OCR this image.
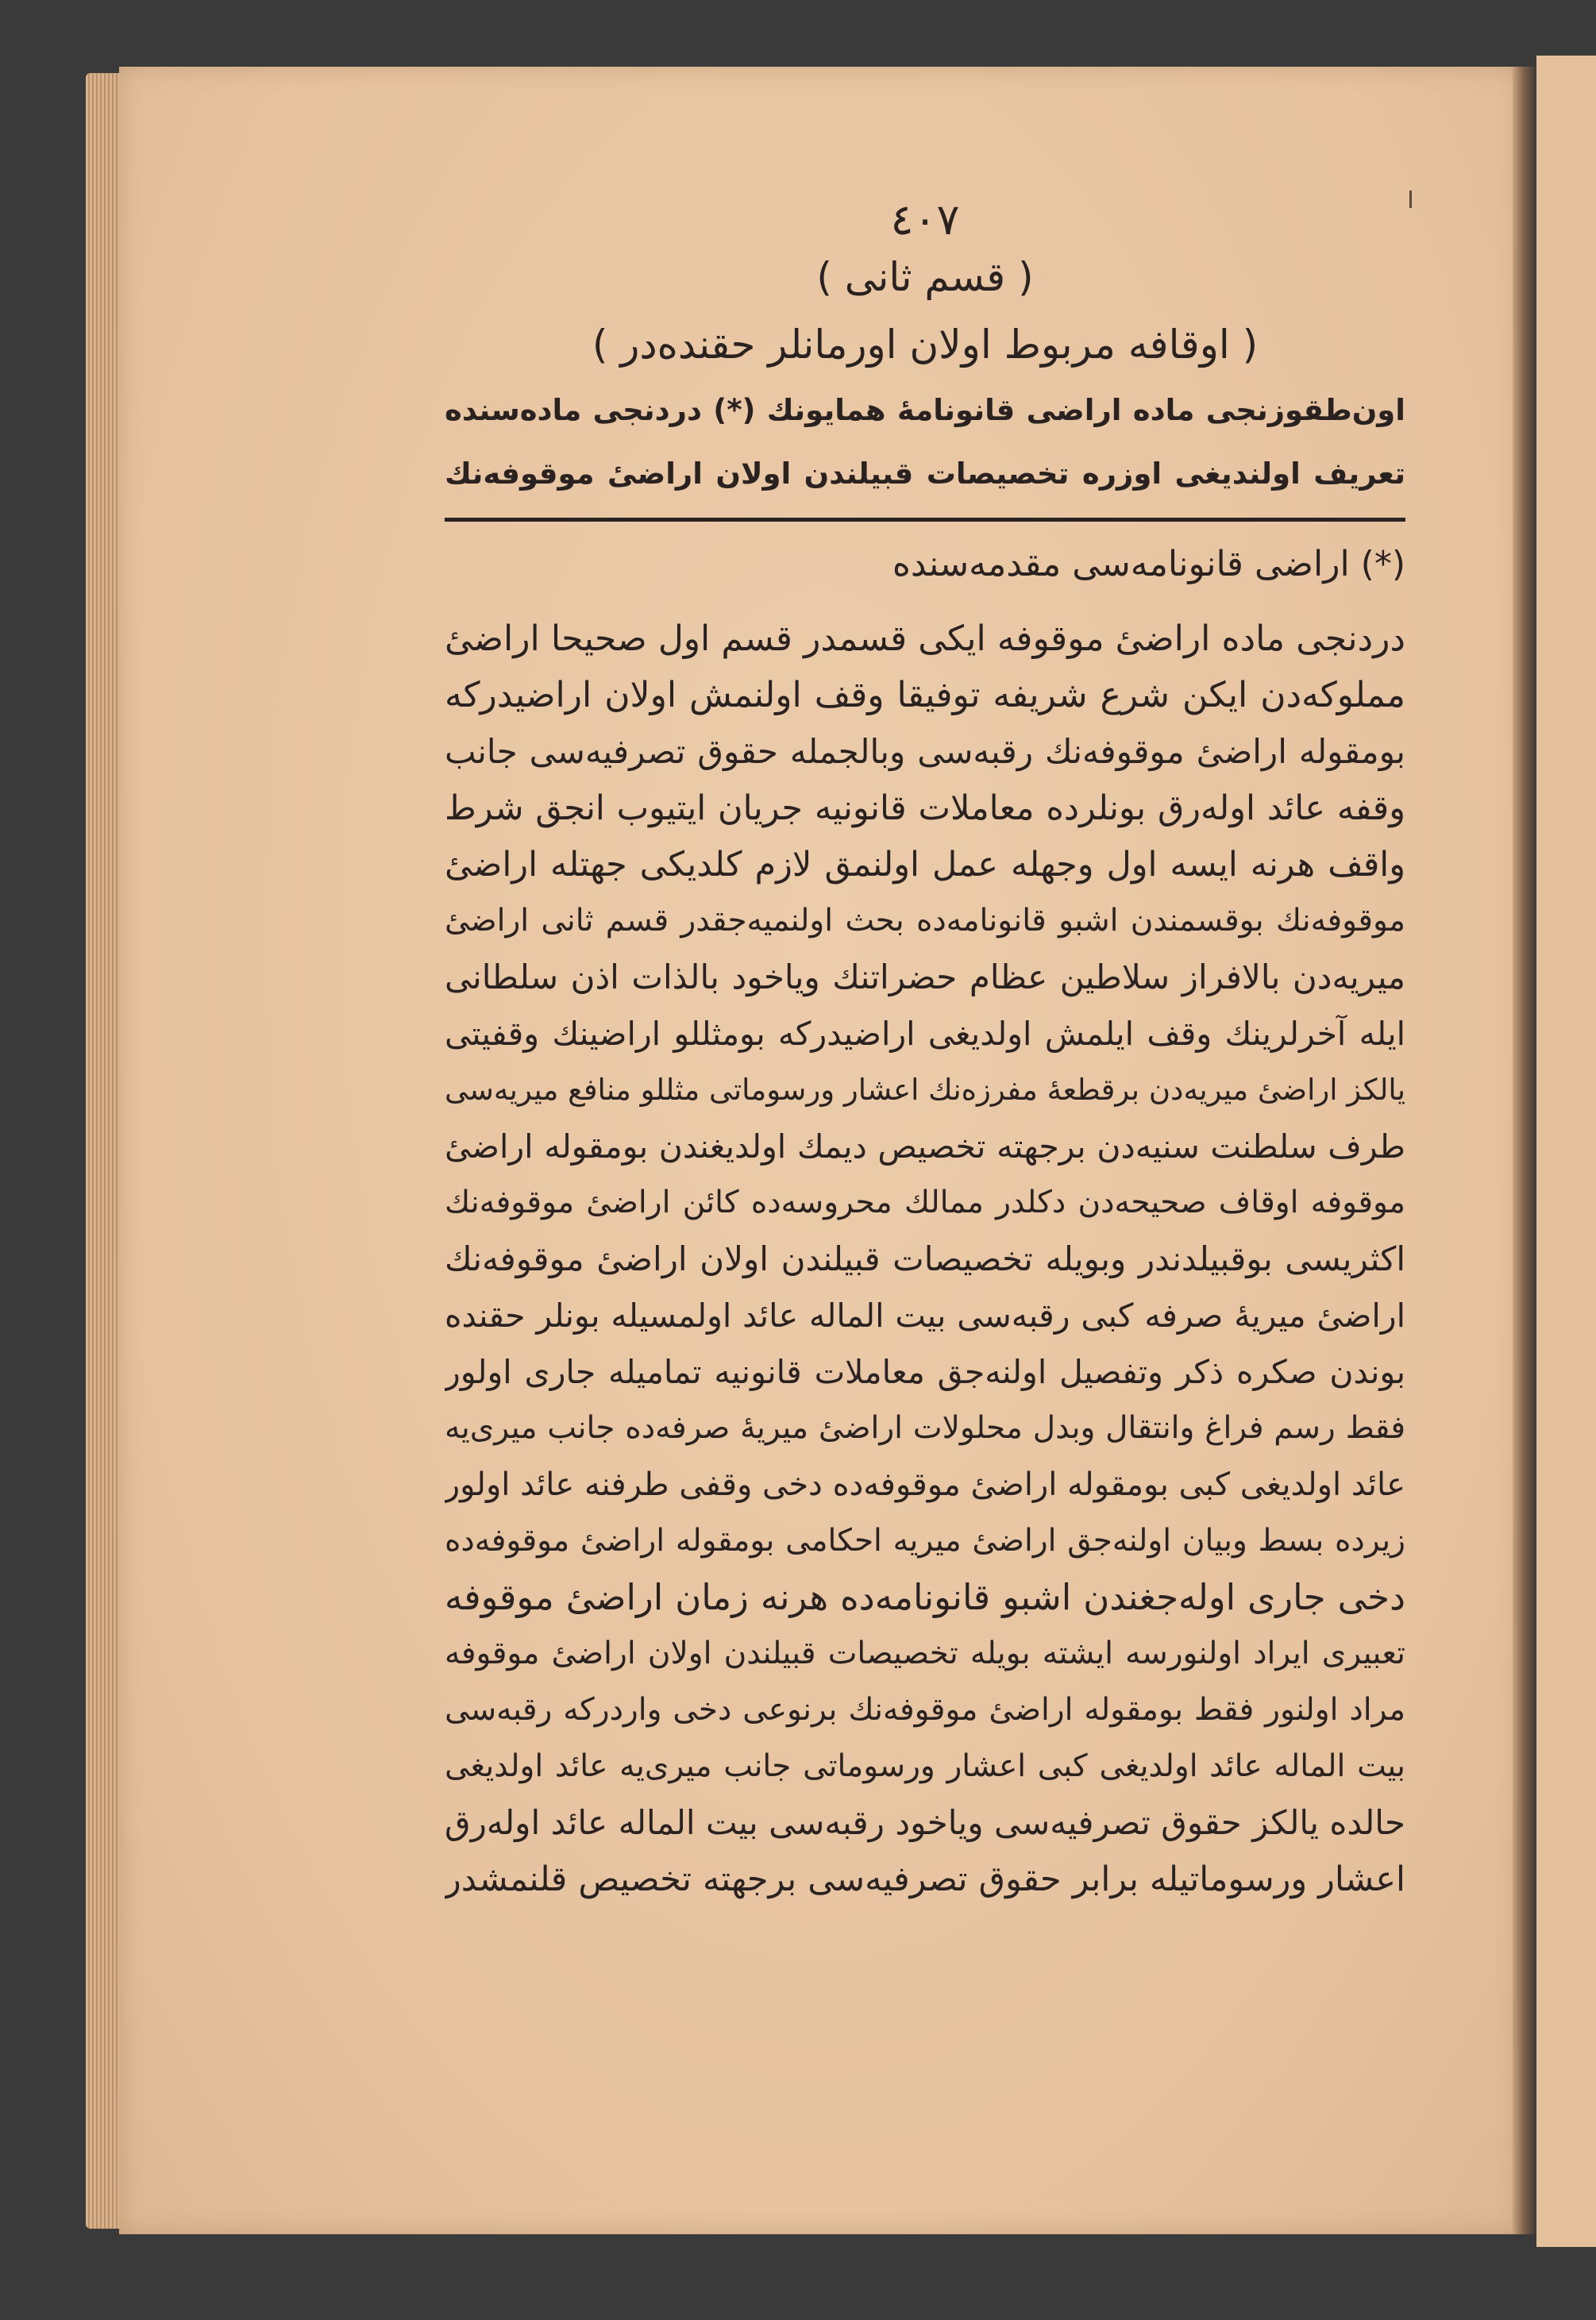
٤٠٧
( قسم ثانی )
( اوقافه مربوط اولان اورمانلر حقنده‌در )
اون‌طقوزنجی ماده اراضی قانونامهٔ همایونك (*) دردنجی ماده‌سنده
تعریف اولندیغی اوزره تخصیصات قبیلندن اولان اراضیٔ موقوفه‌نك
(*) اراضی قانونامه‌سی مقدمه‌سنده
دردنجی ماده اراضیٔ موقوفه ایکی قسمدر قسم اول صحیحا اراضیٔ
مملوکه‌دن ایکن شرع شریفه توفیقا وقف اولنمش اولان اراضیدرکه
بومقوله اراضیٔ موقوفه‌نك رقبه‌سی وبالجمله حقوق تصرفیه‌سی جانب
وقفه عائد اوله‌رق بونلرده معاملات قانونیه جریان ایتیوب انجق شرط
واقف هرنه ایسه اول وجهله عمل اولنمق لازم کلدیکی جهتله اراضیٔ
موقوفه‌نك بوقسمندن اشبو قانونامه‌ده بحث اولنمیه‌جقدر قسم ثانی اراضیٔ
میریه‌دن بالافراز سلاطین عظام حضراتنك ویاخود بالذات اذن سلطانی
ایله آخرلرینك وقف ایلمش اولدیغی اراضیدرکه بومثللو اراضینك وقفیتی
یالکز اراضیٔ میریه‌دن برقطعهٔ مفرزه‌نك اعشار ورسوماتی مثللو منافع میریه‌سی
طرف سلطنت سنیه‌دن برجهته تخصیص دیمك اولدیغندن بومقوله اراضیٔ
موقوفه اوقاف صحیحه‌دن دکلدر ممالك محروسه‌ده کائن اراضیٔ موقوفه‌نك
اکثریسی بوقبیلدندر وبویله تخصیصات قبیلندن اولان اراضیٔ موقوفه‌نك
اراضیٔ میریهٔ صرفه کبی رقبه‌سی بیت الماله عائد اولمسیله بونلر حقنده
بوندن صکره ذکر وتفصیل اولنه‌جق معاملات قانونیه تمامیله جاری اولور
فقط رسم فراغ وانتقال وبدل محلولات اراضیٔ میریهٔ صرفه‌ده جانب میری‌یه
عائد اولدیغی کبی بومقوله اراضیٔ موقوفه‌ده دخی وقفی طرفنه عائد اولور
زیرده بسط وبیان اولنه‌جق اراضیٔ میریه احکامی بومقوله اراضیٔ موقوفه‌ده
دخی جاری اوله‌جغندن اشبو قانونامه‌ده هرنه زمان اراضیٔ موقوفه
تعبیری ایراد اولنورسه ایشته بویله تخصیصات قبیلندن اولان اراضیٔ موقوفه
مراد اولنور فقط بومقوله اراضیٔ موقوفه‌نك برنوعی دخی واردرکه رقبه‌سی
بیت الماله عائد اولدیغی کبی اعشار ورسوماتی جانب میری‌یه عائد اولدیغی
حالده یالکز حقوق تصرفیه‌سی ویاخود رقبه‌سی بیت الماله عائد اوله‌رق
اعشار ورسوماتیله برابر حقوق تصرفیه‌سی برجهته تخصیص قلنمشدر
